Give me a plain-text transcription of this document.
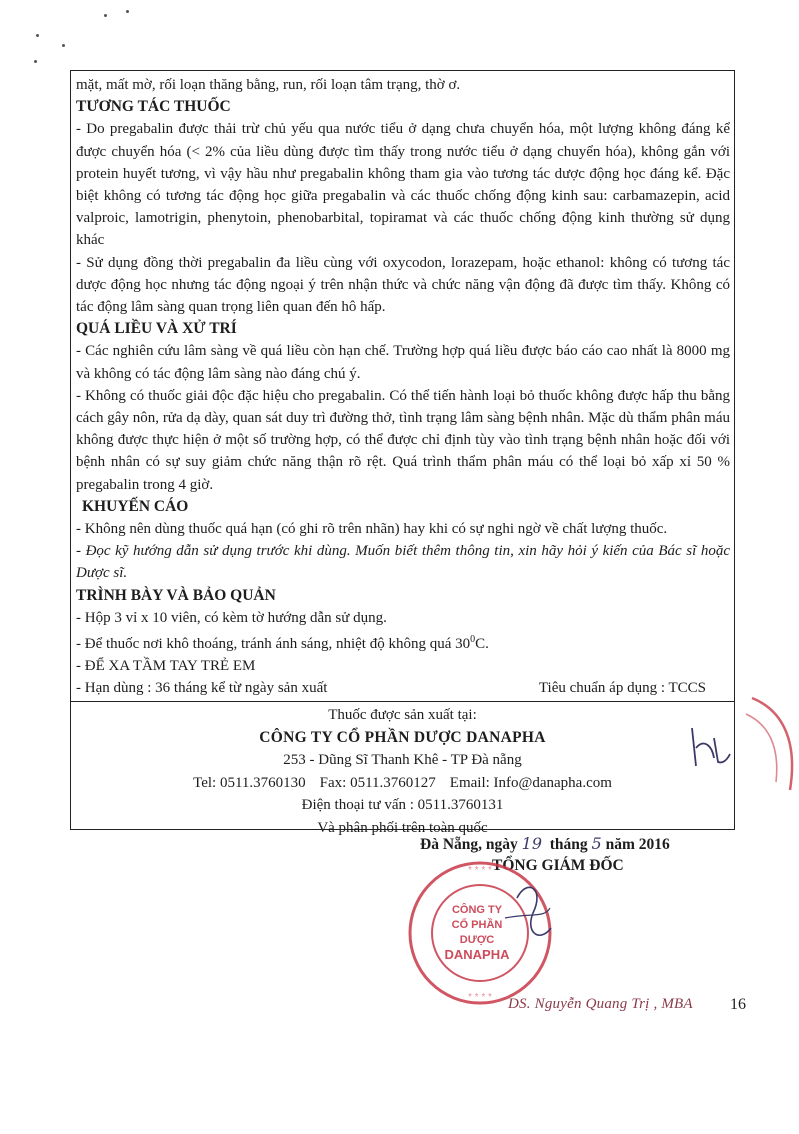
mặt, mất mờ, rối loạn thăng bằng, run, rối loạn tâm trạng, thờ ơ.

TƯƠNG TÁC THUỐC

- Do pregabalin được thải trừ chủ yếu qua nước tiểu ở dạng chưa chuyển hóa, một lượng không đáng kể được chuyển hóa (< 2% của liều dùng được tìm thấy trong nước tiểu ở dạng chuyển hóa), không gắn với protein huyết tương, vì vậy hầu như pregabalin không tham gia vào tương tác dược động học đáng kể. Đặc biệt không có tương tác động học giữa pregabalin và các thuốc chống động kinh sau: carbamazepin, acid valproic, lamotrigin, phenytoin, phenobarbital, topiramat và các thuốc chống động kinh thường sử dụng khác

- Sử dụng đồng thời pregabalin đa liều cùng với oxycodon, lorazepam, hoặc ethanol: không có tương tác dược động học nhưng tác động ngoại ý trên nhận thức và chức năng vận động đã được tìm thấy. Không có tác động lâm sàng quan trọng liên quan đến hô hấp.

QUÁ LIỀU VÀ XỬ TRÍ

- Các nghiên cứu lâm sàng về quá liều còn hạn chế. Trường hợp quá liều được báo cáo cao nhất là 8000 mg và không có tác động lâm sàng nào đáng chú ý.

- Không có thuốc giải độc đặc hiệu cho pregabalin. Có thể tiến hành loại bỏ thuốc không được hấp thu bằng cách gây nôn, rửa dạ dày, quan sát duy trì đường thở, tình trạng lâm sàng bệnh nhân. Mặc dù thẩm phân máu không được thực hiện ở một số trường hợp, có thể được chỉ định tùy vào tình trạng bệnh nhân hoặc đối với bệnh nhân có sự suy giảm chức năng thận rõ rệt. Quá trình thẩm phân máu có thể loại bỏ xấp xỉ 50 % pregabalin trong 4 giờ.

KHUYẾN CÁO

- Không nên dùng thuốc quá hạn (có ghi rõ trên nhãn) hay khi có sự nghi ngờ về chất lượng thuốc.

- Đọc kỹ hướng dẫn sử dụng trước khi dùng. Muốn biết thêm thông tin, xin hãy hỏi ý kiến của Bác sĩ hoặc Dược sĩ.

TRÌNH BÀY VÀ BẢO QUẢN

- Hộp 3 vỉ x 10 viên, có kèm tờ hướng dẫn sử dụng.

- Để thuốc nơi khô thoáng, tránh ánh sáng, nhiệt độ không quá $30^0C$.

- ĐỂ XA TẦM TAY TRẺ EM

- Hạn dùng : 36 tháng kể từ ngày sản xuất	Tiêu chuẩn áp dụng : TCCS

Thuốc được sản xuất tại:

CÔNG TY CỔ PHẦN DƯỢC DANAPHA

253 - Dũng Sĩ Thanh Khê - TP Đà nẵng

Tel: 0511.3760130 Fax: 0511.3760127 Email: Info@danapha.com

Điện thoại tư vấn : 0511.3760131

Và phân phối trên toàn quốc

Đà Nẵng, ngày 19 tháng 5 năm 2016
TỔNG GIÁM ĐỐC
* * * *
* * * *
CÔNG TY
CỔ PHẦN
DƯỢC
DANAPHA
DS. Nguyễn Quang Trị , MBA 16
